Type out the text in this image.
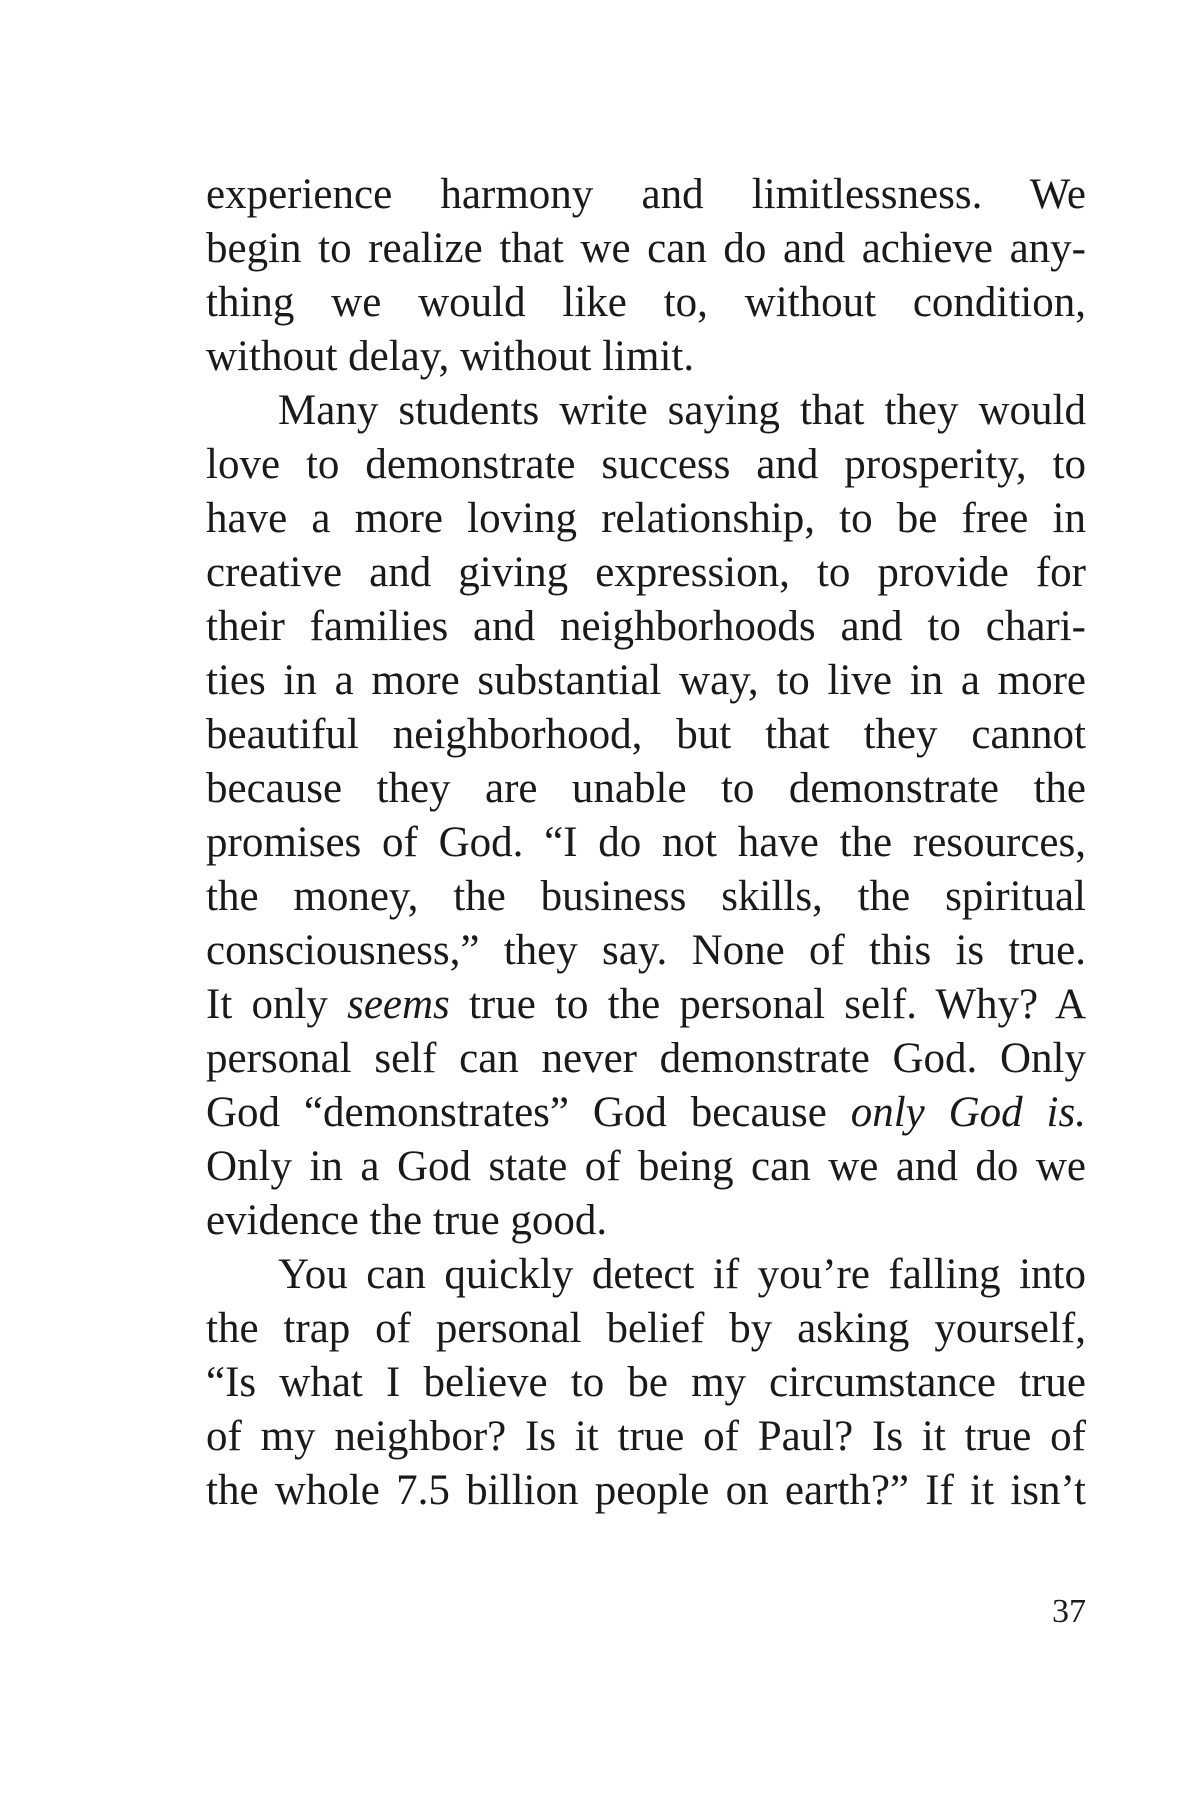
experience harmony and limitlessness. We
begin to realize that we can do and achieve any-
thing we would like to, without condition,
without delay, without limit.
Many students write saying that they would
love to demonstrate success and prosperity, to
have a more loving relationship, to be free in
creative and giving expression, to provide for
their families and neighborhoods and to chari-
ties in a more substantial way, to live in a more
beautiful neighborhood, but that they cannot
because they are unable to demonstrate the
promises of God. “I do not have the resources,
the money, the business skills, the spiritual
consciousness,” they say. None of this is true.
It only seems true to the personal self. Why? A
personal self can never demonstrate God. Only
God “demonstrates” God because only God is.
Only in a God state of being can we and do we
evidence the true good.
You can quickly detect if you’re falling into
the trap of personal belief by asking yourself,
“Is what I believe to be my circumstance true
of my neighbor? Is it true of Paul? Is it true of
the whole 7.5 billion people on earth?” If it isn’t
37
